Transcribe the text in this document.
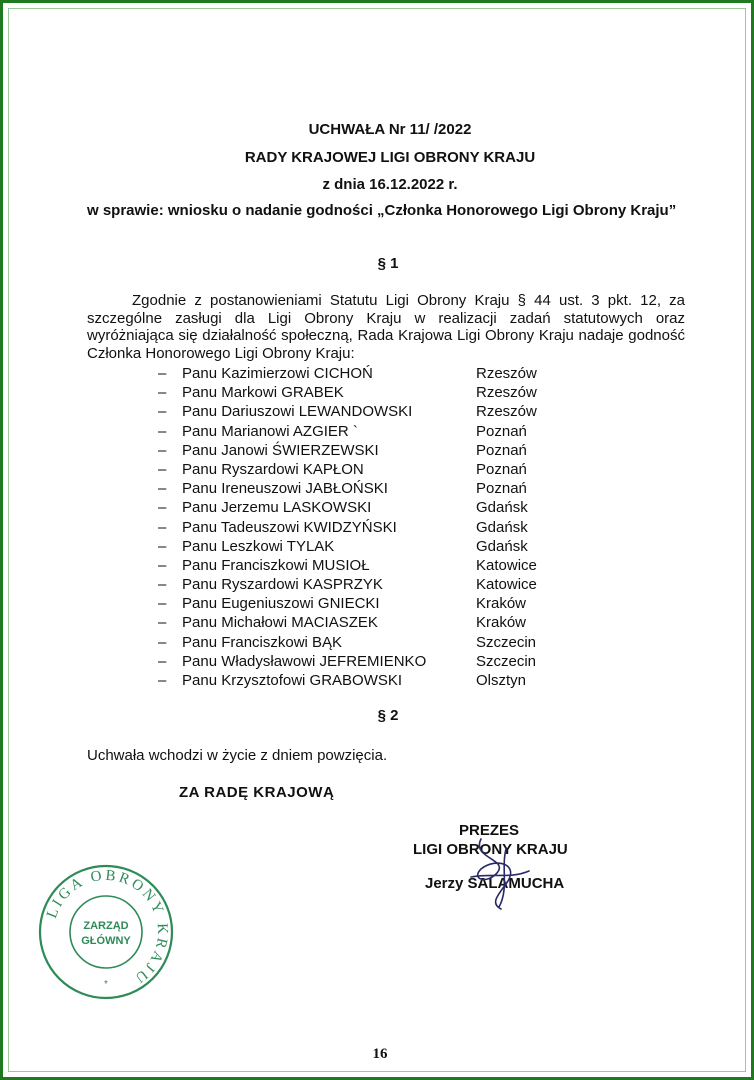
UCHWAŁA Nr 11/ /2022
RADY KRAJOWEJ LIGI OBRONY KRAJU
z dnia 16.12.2022 r.
w sprawie: wniosku o nadanie godności „Członka Honorowego Ligi Obrony Kraju”
§ 1
Zgodnie z postanowieniami Statutu Ligi Obrony Kraju § 44 ust. 3 pkt. 12, za szczególne zasługi dla Ligi Obrony Kraju w realizacji zadań statutowych oraz wyróżniająca się działalność społeczną, Rada Krajowa Ligi Obrony Kraju nadaje godność Członka Honorowego Ligi Obrony Kraju:
– Panu Kazimierzowi CICHOŃ	Rzeszów
– Panu Markowi GRABEK	Rzeszów
– Panu Dariuszowi LEWANDOWSKI	Rzeszów
– Panu Marianowi AZGIER `	Poznań
– Panu Janowi ŚWIERZEWSKI	Poznań
– Panu Ryszardowi KAPŁON	Poznań
– Panu Ireneuszowi JABŁOŃSKI	Poznań
– Panu Jerzemu LASKOWSKI	Gdańsk
– Panu Tadeuszowi KWIDZYŃSKI	Gdańsk
– Panu Leszkowi TYLAK	Gdańsk
– Panu Franciszkowi MUSIOŁ	Katowice
– Panu Ryszardowi KASPRZYK	Katowice
– Panu Eugeniuszowi GNIECKI	Kraków
– Panu Michałowi MACIASZEK	Kraków
– Panu Franciszkowi BĄK	Szczecin
– Panu Władysławowi JEFREMIENKO	Szczecin
– Panu Krzysztofowi GRABOWSKI	Olsztyn
§ 2
Uchwała wchodzi w życie z dniem powzięcia.
ZA RADĘ KRAJOWĄ
PREZES
LIGI OBRONY KRAJU
Jerzy SALAMUCHA
LIGA OBRONY KRAJU
ZARZĄD
GŁÓWNY
*
16
